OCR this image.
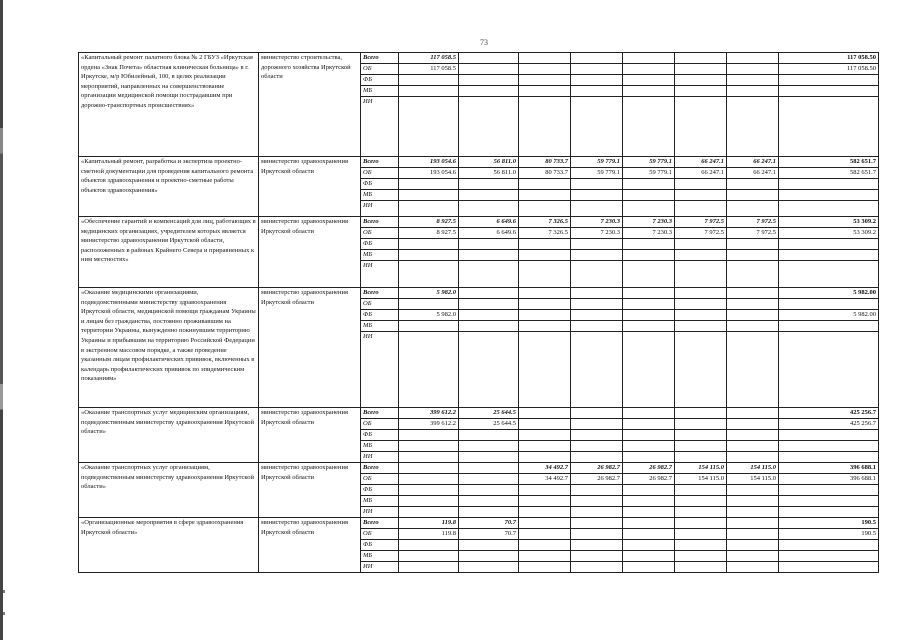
73
«Капитальный ремонт палатного блока № 2 ГБУЗ «Иркутская ордена «Знак Почета» областная клиническая больница» в г. Иркутске, м/р Юбилейный, 100, в целях реализации мероприятий, направленных на совершенствование организации медицинской помощи пострадавшим при дорожно-транспортных происшествиях»	министерство строительства, дорожного хозяйства Иркутской области	Всего	117 058.5							117 058.50
		ОБ	117 058.5							117 058.50
		ФБ								
		МБ								
		ИИ								
«Капитальный ремонт, разработка и экспертиза проектно-сметной документации для проведения капитального ремонта объектов здравоохранения и проектно-сметные работы объектов здравоохранения»	министерство здравоохранения Иркутской области	Всего	193 054.6	56 811.0	80 733.7	59 779.1	59 779.1	66 247.1	66 247.1	582 651.7
		ОБ	193 054.6	56 811.0	80 733.7	59 779.1	59 779.1	66 247.1	66 247.1	582 651.7
		ФБ								
		МБ								
		ИИ								
«Обеспечение гарантий и компенсаций для лиц, работающих в медицинских организациях, учредителем которых является министерство здравоохранения Иркутской области, расположенных в районах Крайнего Севера и приравненных к ним местностях»	министерство здравоохранения Иркутской области	Всего	8 927.5	6 649.6	7 326.5	7 230.3	7 230.3	7 972.5	7 972.5	53 309.2
		ОБ	8 927.5	6 649.6	7 326.5	7 230.3	7 230.3	7 972.5	7 972.5	53 309.2
		ФБ								
		МБ								
		ИИ								
«Оказание медицинскими организациями, подведомственными министерству здравоохранения Иркутской области, медицинской помощи гражданам Украины и лицам без гражданства, постоянно проживавшим на территории Украины, вынужденно покинувшим территорию Украины и прибывшим на территорию Российской Федерации в экстренном массовом порядке, а также проведение указанным лицам профилактических прививок, включенных в календарь профилактических прививок по эпидемическим показаниям»	министерство здравоохранения Иркутской области	Всего	5 982.0							5 982.00
		ОБ								
		ФБ	5 982.0							5 982.00
		МБ								
		ИИ								
«Оказание транспортных услуг медицинским организациям, подведомственным министерству здравоохранения Иркутской области»	министерство здравоохранения Иркутской области	Всего	399 612.2	25 644.5						425 256.7
		ОБ	399 612.2	25 644.5						425 256.7
		ФБ								
		МБ								
		ИИ								
«Оказание транспортных услуг организациям, подведомственным министерству здравоохранения Иркутской области»	министерство здравоохранения Иркутской области	Всего			34 492.7	26 982.7	26 982.7	154 115.0	154 115.0	396 688.1
		ОБ			34 492.7	26 982.7	26 982.7	154 115.0	154 115.0	396 688.1
		ФБ								
		МБ								
		ИИ								
«Организационные мероприятия в сфере здравоохранения Иркутской области»	министерство здравоохранения Иркутской области	Всего	119.8	70.7						190.5
		ОБ	119.8	70.7						190.5
		ФБ								
		МБ								
		ИИ								
